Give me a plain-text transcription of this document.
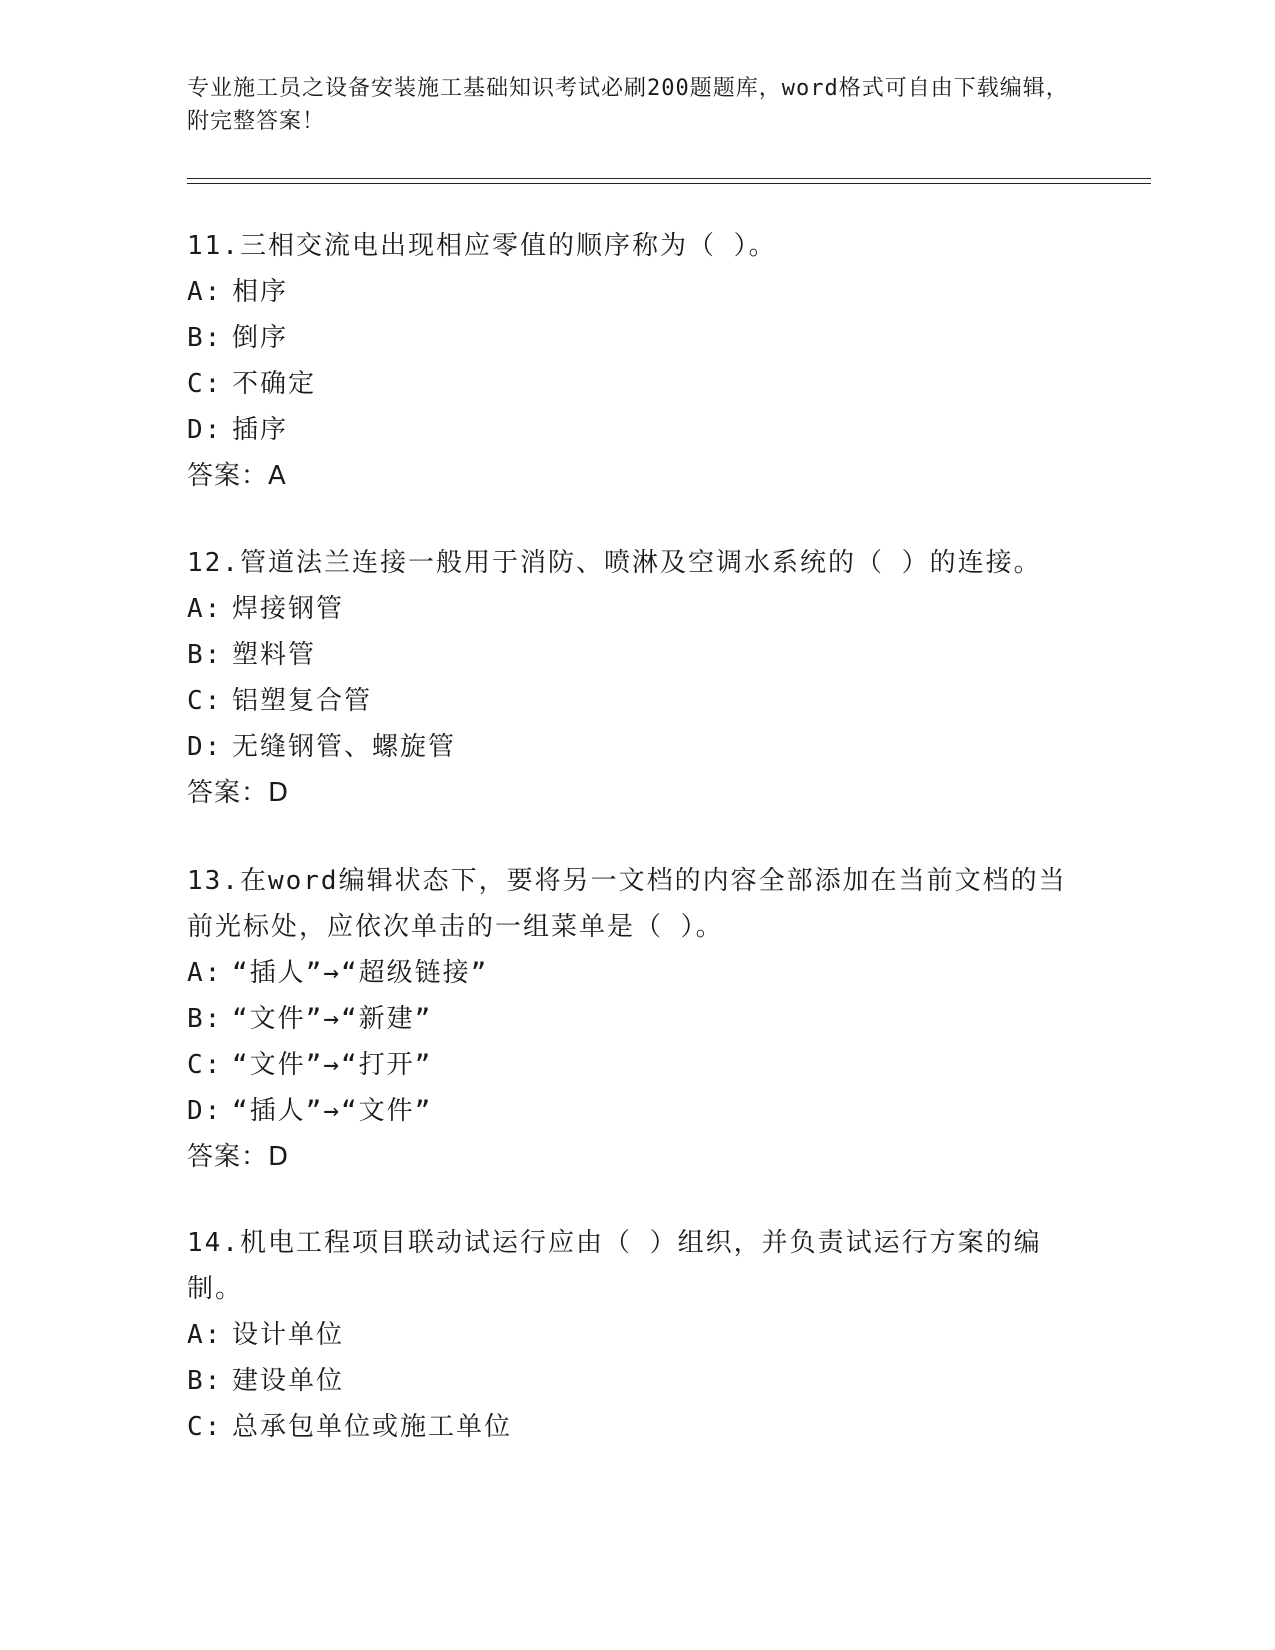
专业施工员之设备安装施工基础知识考试必刷200题题库，word格式可自由下载编辑，附完整答案！

11.三相交流电出现相应零值的顺序称为（ ）。

A: 相序
B: 倒序
C: 不确定
D: 插序
答案：A

12.管道法兰连接一般用于消防、喷淋及空调水系统的（ ）的连接。

A: 焊接钢管
B: 塑料管
C: 铝塑复合管
D: 无缝钢管、螺旋管
答案：D

13.在word编辑状态下，要将另一文档的内容全部添加在当前文档的当前光标处，应依次单击的一组菜单是（ ）。

A: “插人”→“超级链接”
B: “文件”→“新建”
C: “文件”→“打开”
D: “插人”→“文件”
答案：D

14.机电工程项目联动试运行应由（ ）组织，并负责试运行方案的编制。

A: 设计单位
B: 建设单位
C: 总承包单位或施工单位
